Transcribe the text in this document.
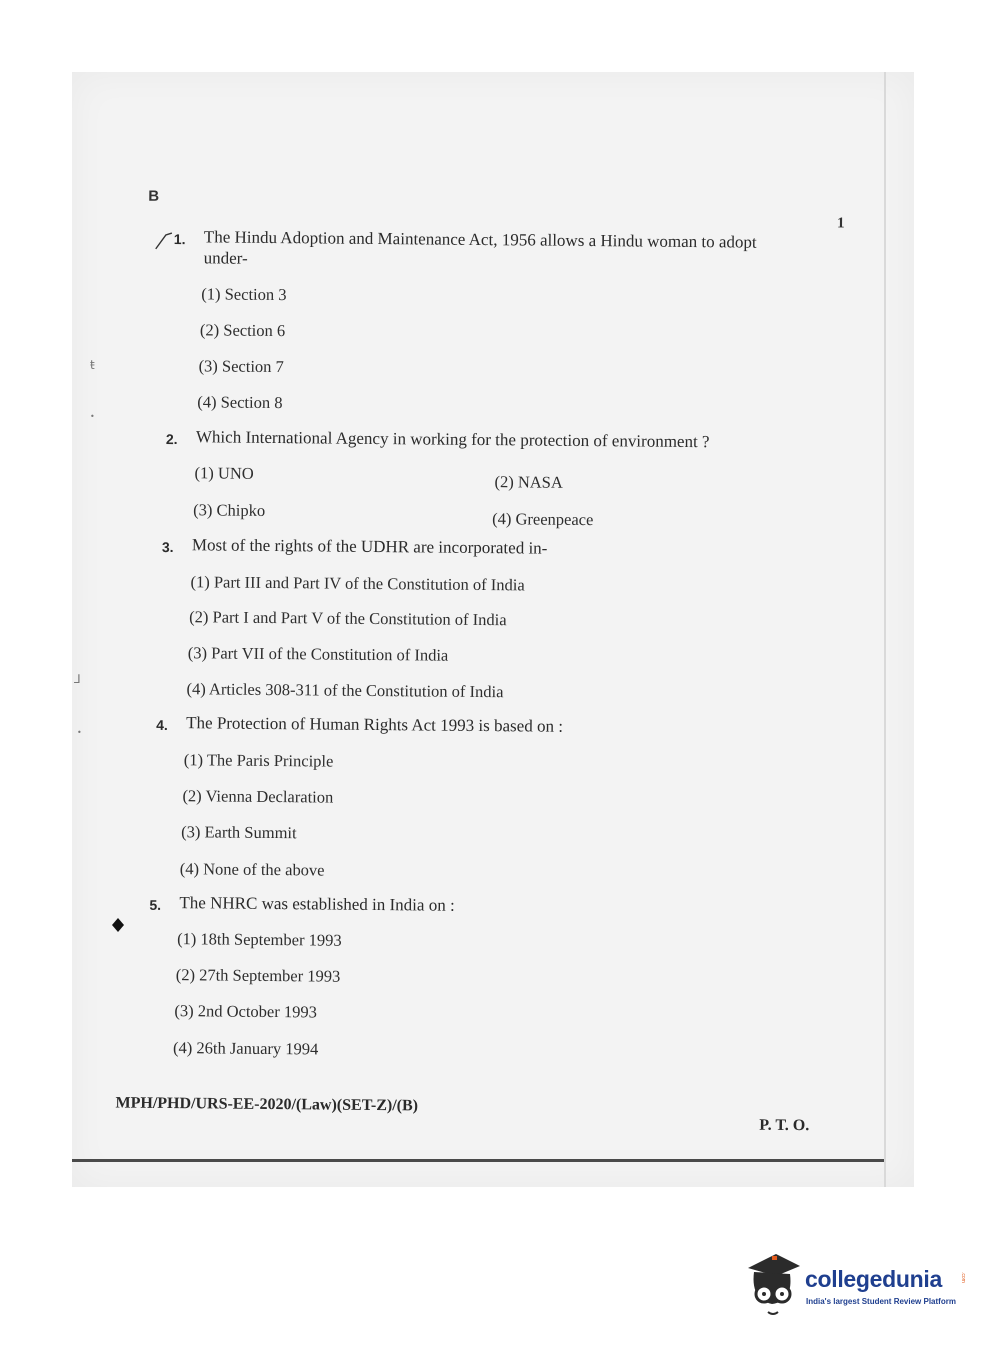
B
1
1. The Hindu Adoption and Maintenance Act, 1956 allows a Hindu woman to adopt
under-
(1) Section 3
(2) Section 6
(3) Section 7
(4) Section 8
2. Which International Agency in working for the protection of environment ?
(1) UNO	(2) NASA
(3) Chipko	(4) Greenpeace
3. Most of the rights of the UDHR are incorporated in-
(1) Part III and Part IV of the Constitution of India
(2) Part I and Part V of the Constitution of India
(3) Part VII of the Constitution of India
(4) Articles 308-311 of the Constitution of India
4. The Protection of Human Rights Act 1993 is based on :
(1) The Paris Principle
(2) Vienna Declaration
(3) Earth Summit
(4) None of the above
5. The NHRC was established in India on :
(1) 18th September 1993
(2) 27th September 1993
(3) 2nd October 1993
(4) 26th January 1994
MPH/PHD/URS-EE-2020/(Law)(SET-Z)/(B)
P. T. O.
ŧ
•
⅃
•
collegedunia	.com
India's largest Student Review Platform
